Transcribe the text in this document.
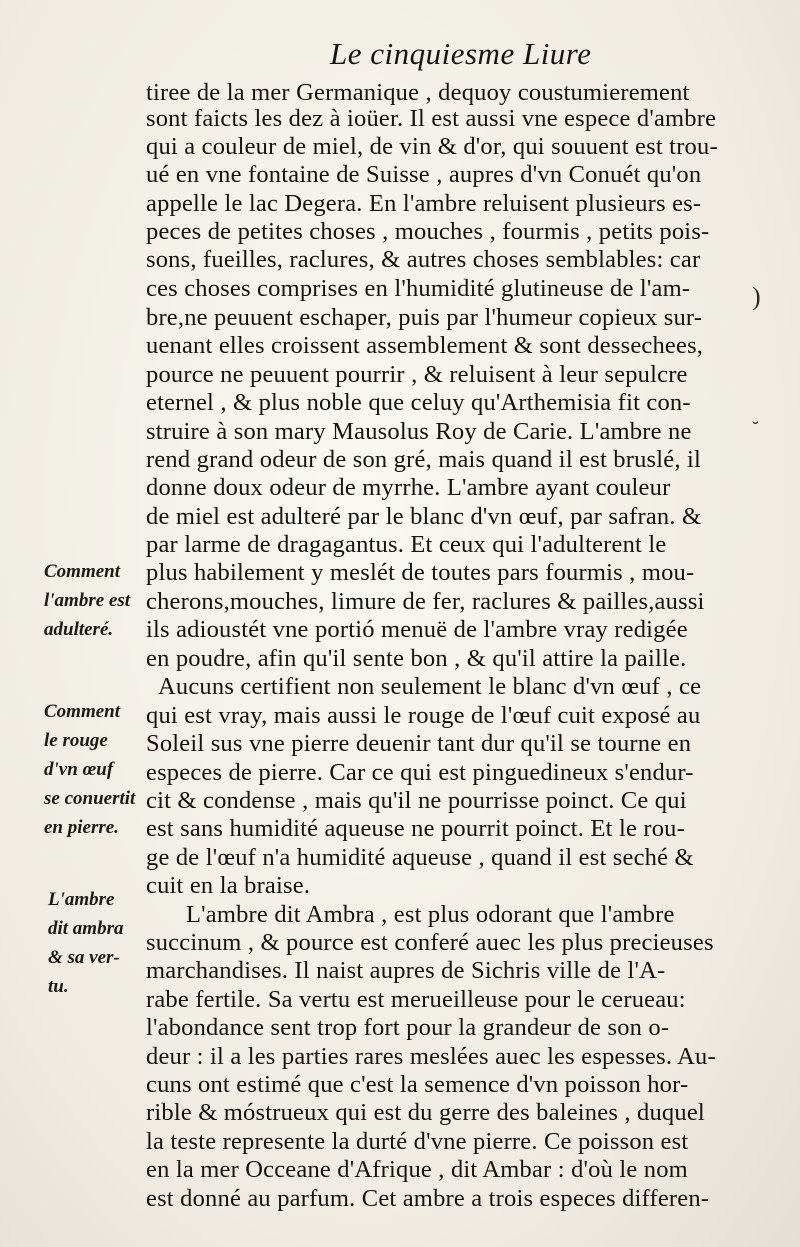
Le cinquiesme Liure
tiree de la mer Germanique , dequoy coustumierement
sont faicts les dez à ioüer. Il est aussi vne espece d'ambre
qui a couleur de miel, de vin & d'or, qui souuent est trou-
ué en vne fontaine de Suisse , aupres d'vn Conuét qu'on
appelle le lac Degera. En l'ambre reluisent plusieurs es-
peces de petites choses , mouches , fourmis , petits pois-
sons, fueilles, raclures, & autres choses semblables: car
ces choses comprises en l'humidité glutineuse de l'am-
bre,ne peuuent eschaper, puis par l'humeur copieux sur-
uenant elles croissent assemblement & sont dessechees,
pource ne peuuent pourrir , & reluisent à leur sepulcre
eternel , & plus noble que celuy qu'Arthemisia fit con-
struire à son mary Mausolus Roy de Carie. L'ambre ne
rend grand odeur de son gré, mais quand il est bruslé, il
donne doux odeur de myrrhe. L'ambre ayant couleur
de miel est adulteré par le blanc d'vn œuf, par safran. &
par larme de dragagantus. Et ceux qui l'adulterent le
plus habilement y meslét de toutes pars fourmis , mou-
cherons,mouches, limure de fer, raclures & pailles,aussi
ils adioustét vne portió menuë de l'ambre vray redigée
en poudre, afin qu'il sente bon , & qu'il attire la paille.
Aucuns certifient non seulement le blanc d'vn œuf , ce
qui est vray, mais aussi le rouge de l'œuf cuit exposé au
Soleil sus vne pierre deuenir tant dur qu'il se tourne en
especes de pierre. Car ce qui est pinguedineux s'endur-
cit & condense , mais qu'il ne pourrisse poinct. Ce qui
est sans humidité aqueuse ne pourrit poinct. Et le rou-
ge de l'œuf n'a humidité aqueuse , quand il est seché &
cuit en la braise.
L'ambre dit Ambra , est plus odorant que l'ambre
succinum , & pource est conferé auec les plus precieuses
marchandises. Il naist aupres de Sichris ville de l'A-
rabe fertile. Sa vertu est merueilleuse pour le cerueau:
l'abondance sent trop fort pour la grandeur de son o-
deur : il a les parties rares meslées auec les espesses. Au-
cuns ont estimé que c'est la semence d'vn poisson hor-
rible & móstrueux qui est du gerre des baleines , duquel
la teste represente la durté d'vne pierre. Ce poisson est
en la mer Occeane d'Afrique , dit Ambar : d'où le nom
est donné au parfum. Cet ambre a trois especes differen-
Comment
l'ambre est
adulteré.
Comment
le rouge
d'vn œuf
se conuertit
en pierre.
L'ambre
dit ambra
& sa ver-
tu.
)
˘
